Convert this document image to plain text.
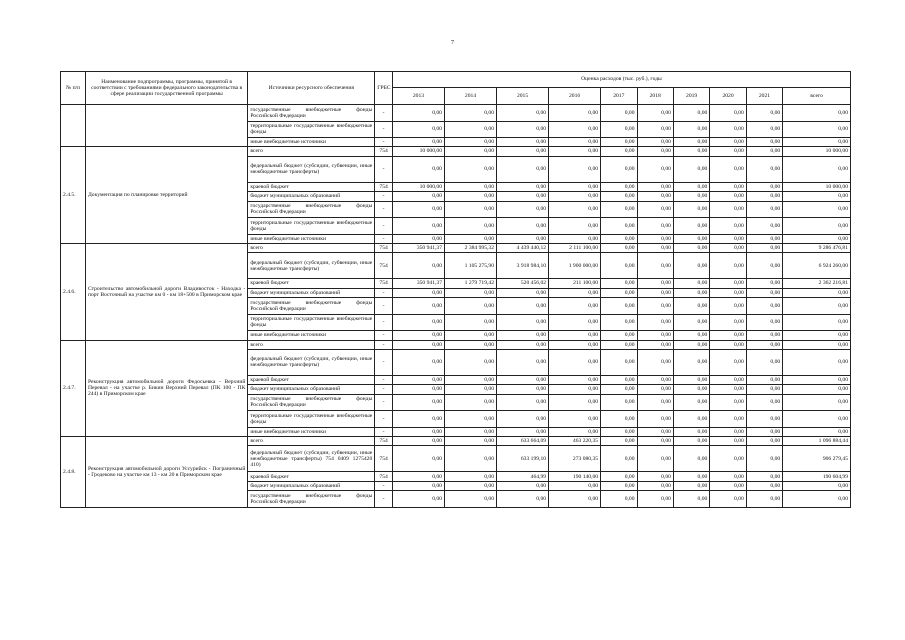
7
№ п/п	Наименование подпрограммы, программы, принятой в соответствии с требованиями федерального законодательства в сфере реализации государственной программы	Источники ресурсного обеспечения	ГРБС	Оценка расходов (тыс. руб.), годы									
				2013	2014	2015	2016	2017	2018	2019	2020	2021	всего
		государственные внебюджетные фонды Российской Федерации	-	0,00	0,00	0,00	0,00	0,00	0,00	0,00	0,00	0,00	0,00
		территориальные государственные внебюджетные фонды	-	0,00	0,00	0,00	0,00	0,00	0,00	0,00	0,00	0,00	0,00
		иные внебюджетные источники	-	0,00	0,00	0,00	0,00	0,00	0,00	0,00	0,00	0,00	0,00
2.4.5.	Документация по планировке территорий	всего	754	10 000,00	0,00	0,00	0,00	0,00	0,00	0,00	0,00	0,00	10 000,00
		федеральный бюджет (субсидии, субвенции, иные межбюджетные трансферты)	-	0,00	0,00	0,00	0,00	0,00	0,00	0,00	0,00	0,00	0,00
		краевой бюджет	754	10 000,00	0,00	0,00	0,00	0,00	0,00	0,00	0,00	0,00	10 000,00
		бюджет муниципальных образований	-	0,00	0,00	0,00	0,00	0,00	0,00	0,00	0,00	0,00	0,00
		государственные внебюджетные фонды Российской Федерации	-	0,00	0,00	0,00	0,00	0,00	0,00	0,00	0,00	0,00	0,00
		территориальные государственные внебюджетные фонды	-	0,00	0,00	0,00	0,00	0,00	0,00	0,00	0,00	0,00	0,00
		иные внебюджетные источники	-	0,00	0,00	0,00	0,00	0,00	0,00	0,00	0,00	0,00	0,00
2.4.6.	Строительство автомобильной дороги Владивосток - Находка - порт Восточный на участке км 0 - км 18+500 в Приморском крае	всего	754	350 941,37	2 384 995,32	4 439 440,12	2 111 100,00	0,00	0,00	0,00	0,00	0,00	9 286 476,81
		федеральный бюджет (субсидии, субвенции, иные межбюджетные трансферты)	754	0,00	1 105 275,90	3 918 984,10	1 900 000,00	0,00	0,00	0,00	0,00	0,00	6 924 260,00
		краевой бюджет	754	350 941,37	1 279 719,42	520 456,02	211 100,00	0,00	0,00	0,00	0,00	0,00	2 362 216,81
		бюджет муниципальных образований	-	0,00	0,00	0,00	0,00	0,00	0,00	0,00	0,00	0,00	0,00
		государственные внебюджетные фонды Российской Федерации	-	0,00	0,00	0,00	0,00	0,00	0,00	0,00	0,00	0,00	0,00
		территориальные государственные внебюджетные фонды	-	0,00	0,00	0,00	0,00	0,00	0,00	0,00	0,00	0,00	0,00
		иные внебюджетные источники	-	0,00	0,00	0,00	0,00	0,00	0,00	0,00	0,00	0,00	0,00
2.4.7.	Реконструкция автомобильной дороги Федосьевка - Верхний Перевал - на участке р. Бикин Верхний Перевал (ПК 100 - ПК 244) в Приморском крае	всего	-	0,00	0,00	0,00	0,00	0,00	0,00	0,00	0,00	0,00	0,00
		федеральный бюджет (субсидии, субвенции, иные межбюджетные трансферты)	-	0,00	0,00	0,00	0,00	0,00	0,00	0,00	0,00	0,00	0,00
		краевой бюджет	-	0,00	0,00	0,00	0,00	0,00	0,00	0,00	0,00	0,00	0,00
		бюджет муниципальных образований	-	0,00	0,00	0,00	0,00	0,00	0,00	0,00	0,00	0,00	0,00
		государственные внебюджетные фонды Российской Федерации	-	0,00	0,00	0,00	0,00	0,00	0,00	0,00	0,00	0,00	0,00
		территориальные государственные внебюджетные фонды	-	0,00	0,00	0,00	0,00	0,00	0,00	0,00	0,00	0,00	0,00
		иные внебюджетные источники	-	0,00	0,00	0,00	0,00	0,00	0,00	0,00	0,00	0,00	0,00
2.4.8.	Реконструкция автомобильной дороги Уссурийск - Пограничный - Гродеково на участке км 13 - км 20 в Приморском крае	всего	754	0,00	0,00	633 664,09	463 220,35	0,00	0,00	0,00	0,00	0,00	1 096 884,44
		федеральный бюджет (субсидии, субвенции, иные межбюджетные трансферты) 754 0409 1275420 410)	754	0,00	0,00	633 199,10	273 080,35	0,00	0,00	0,00	0,00	0,00	906 279,45
		краевой бюджет	754	0,00	0,00	464,99	190 140,00	0,00	0,00	0,00	0,00	0,00	190 604,99
		бюджет муниципальных образований	-	0,00	0,00	0,00	0,00	0,00	0,00	0,00	0,00	0,00	0,00
		государственные внебюджетные фонды Российской Федерации	-	0,00	0,00	0,00	0,00	0,00	0,00	0,00	0,00	0,00	0,00
